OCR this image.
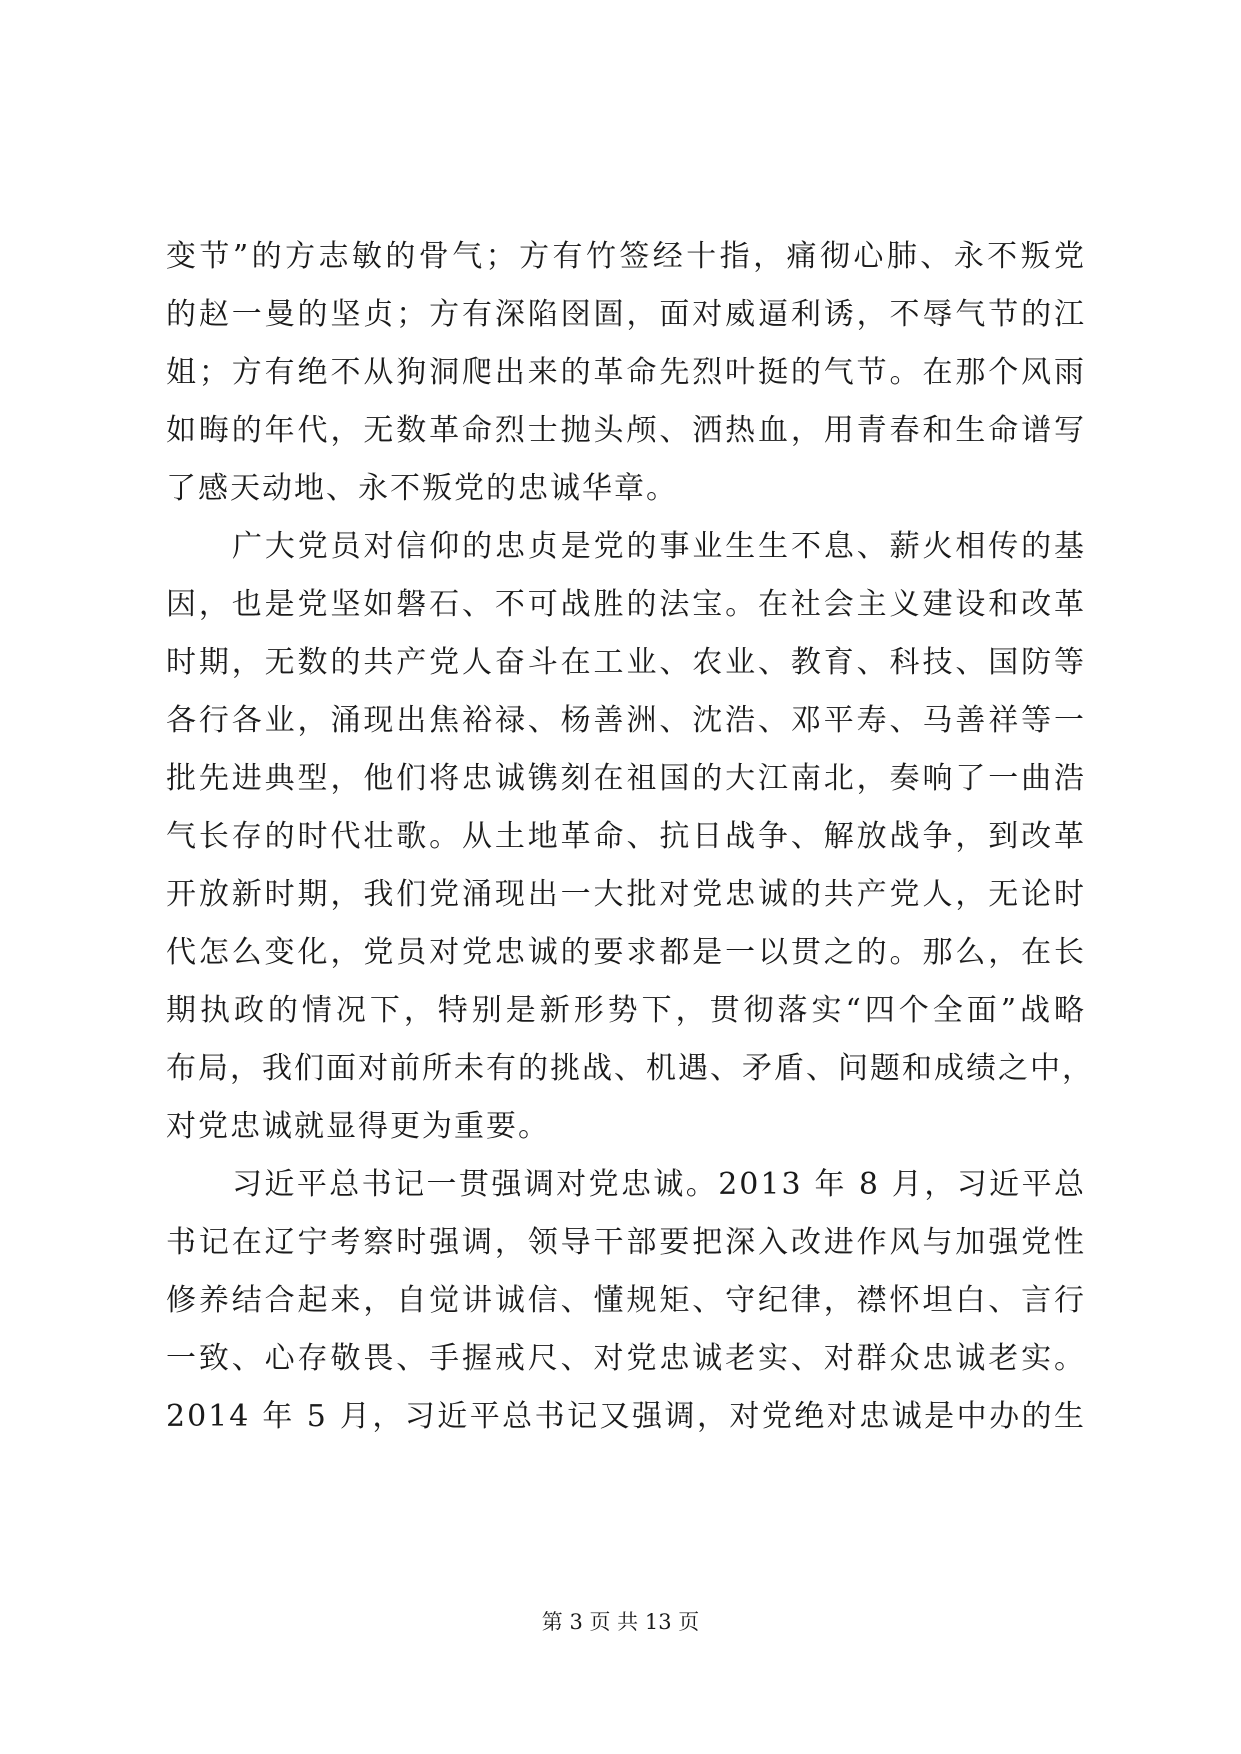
变节”的方志敏的骨气；方有竹签经十指，痛彻心肺、永不叛党
的赵一曼的坚贞；方有深陷囹圄，面对威逼利诱，不辱气节的江
姐；方有绝不从狗洞爬出来的革命先烈叶挺的气节。在那个风雨
如晦的年代，无数革命烈士抛头颅、洒热血，用青春和生命谱写
了感天动地、永不叛党的忠诚华章。
广大党员对信仰的忠贞是党的事业生生不息、薪火相传的基
因，也是党坚如磐石、不可战胜的法宝。在社会主义建设和改革
时期，无数的共产党人奋斗在工业、农业、教育、科技、国防等
各行各业，涌现出焦裕禄、杨善洲、沈浩、邓平寿、马善祥等一
批先进典型，他们将忠诚镌刻在祖国的大江南北，奏响了一曲浩
气长存的时代壮歌。从土地革命、抗日战争、解放战争，到改革
开放新时期，我们党涌现出一大批对党忠诚的共产党人，无论时
代怎么变化，党员对党忠诚的要求都是一以贯之的。那么，在长
期执政的情况下，特别是新形势下，贯彻落实“四个全面”战略
布局，我们面对前所未有的挑战、机遇、矛盾、问题和成绩之中，
对党忠诚就显得更为重要。
习近平总书记一贯强调对党忠诚。2013 年 8 月，习近平总
书记在辽宁考察时强调，领导干部要把深入改进作风与加强党性
修养结合起来，自觉讲诚信、懂规矩、守纪律，襟怀坦白、言行
一致、心存敬畏、手握戒尺、对党忠诚老实、对群众忠诚老实。
2014 年 5 月，习近平总书记又强调，对党绝对忠诚是中办的生
第 3 页 共 13 页
